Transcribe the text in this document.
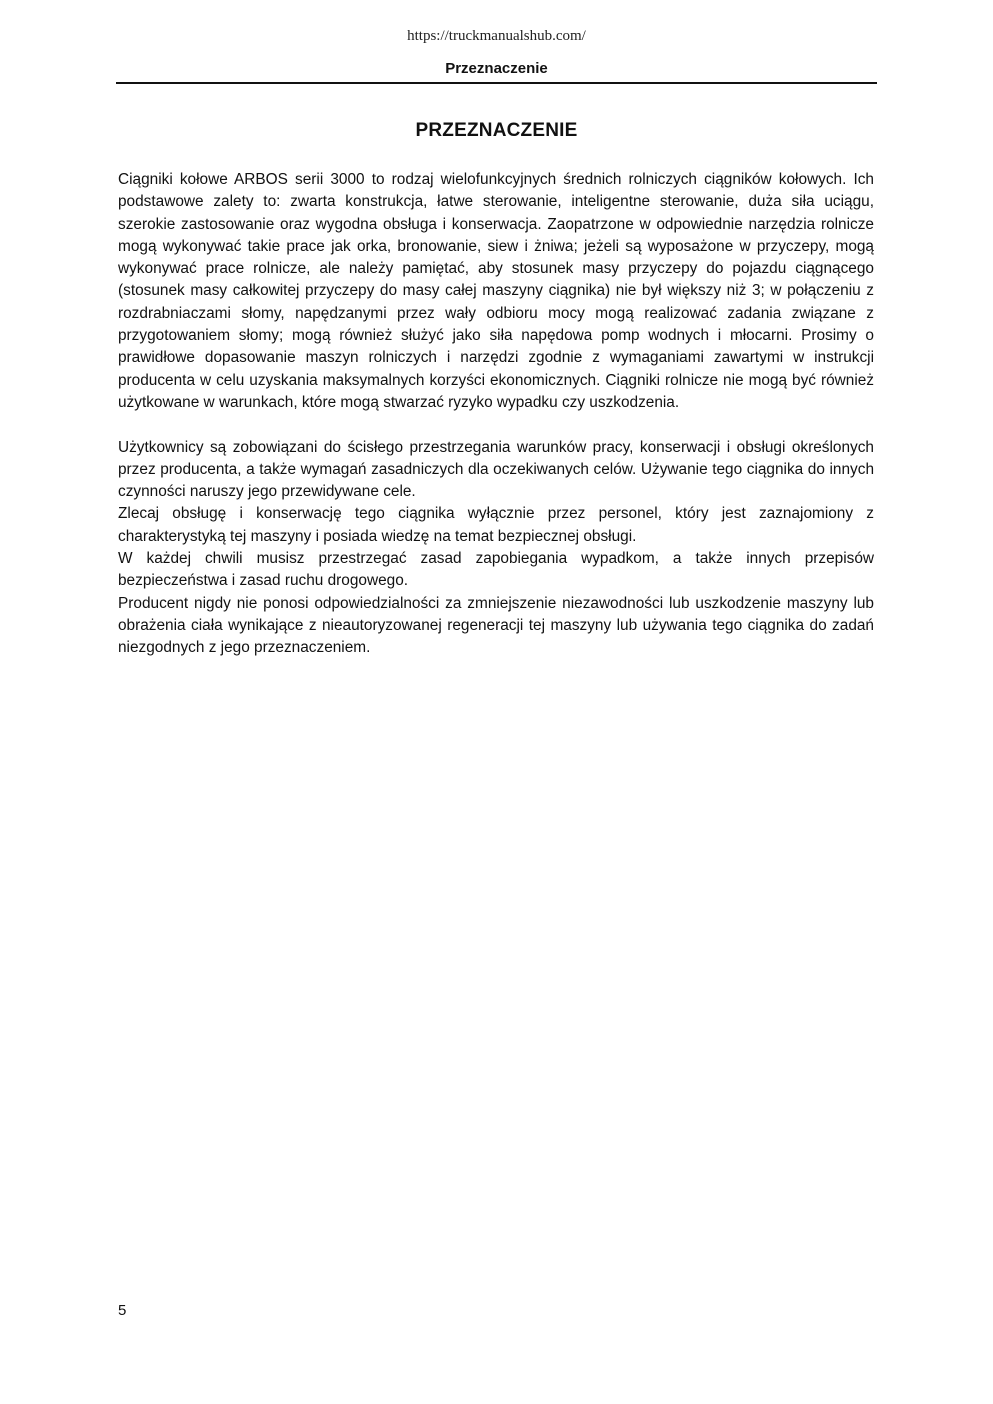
https://truckmanualshub.com/
Przeznaczenie
PRZEZNACZENIE

Ciągniki kołowe ARBOS serii 3000 to rodzaj wielofunkcyjnych średnich rolniczych ciągników kołowych. Ich podstawowe zalety to: zwarta konstrukcja, łatwe sterowanie, inteligentne sterowanie, duża siła uciągu, szerokie zastosowanie oraz wygodna obsługa i konserwacja. Zaopatrzone w odpowiednie narzędzia rolnicze mogą wykonywać takie prace jak orka, bronowanie, siew i żniwa; jeżeli są wyposażone w przyczepy, mogą wykonywać prace rolnicze, ale należy pamiętać, aby stosunek masy przyczepy do pojazdu ciągnącego (stosunek masy całkowitej przyczepy do masy całej maszyny ciągnika) nie był większy niż 3; w połączeniu z rozdrabniaczami słomy, napędzanymi przez wały odbioru mocy mogą realizować zadania związane z przygotowaniem słomy; mogą również służyć jako siła napędowa pomp wodnych i młocarni. Prosimy o prawidłowe dopasowanie maszyn rolniczych i narzędzi zgodnie z wymaganiami zawartymi w instrukcji producenta w celu uzyskania maksymalnych korzyści ekonomicznych. Ciągniki rolnicze nie mogą być również użytkowane w warunkach, które mogą stwarzać ryzyko wypadku czy uszkodzenia.

Użytkownicy są zobowiązani do ścisłego przestrzegania warunków pracy, konserwacji i obsługi określonych przez producenta, a także wymagań zasadniczych dla oczekiwanych celów. Używanie tego ciągnika do innych czynności naruszy jego przewidywane cele.

Zlecaj obsługę i konserwację tego ciągnika wyłącznie przez personel, który jest zaznajomiony z charakterystyką tej maszyny i posiada wiedzę na temat bezpiecznej obsługi.

W każdej chwili musisz przestrzegać zasad zapobiegania wypadkom, a także innych przepisów bezpieczeństwa i zasad ruchu drogowego.

Producent nigdy nie ponosi odpowiedzialności za zmniejszenie niezawodności lub uszkodzenie maszyny lub obrażenia ciała wynikające z nieautoryzowanej regeneracji tej maszyny lub używania tego ciągnika do zadań niezgodnych z jego przeznaczeniem.

5
